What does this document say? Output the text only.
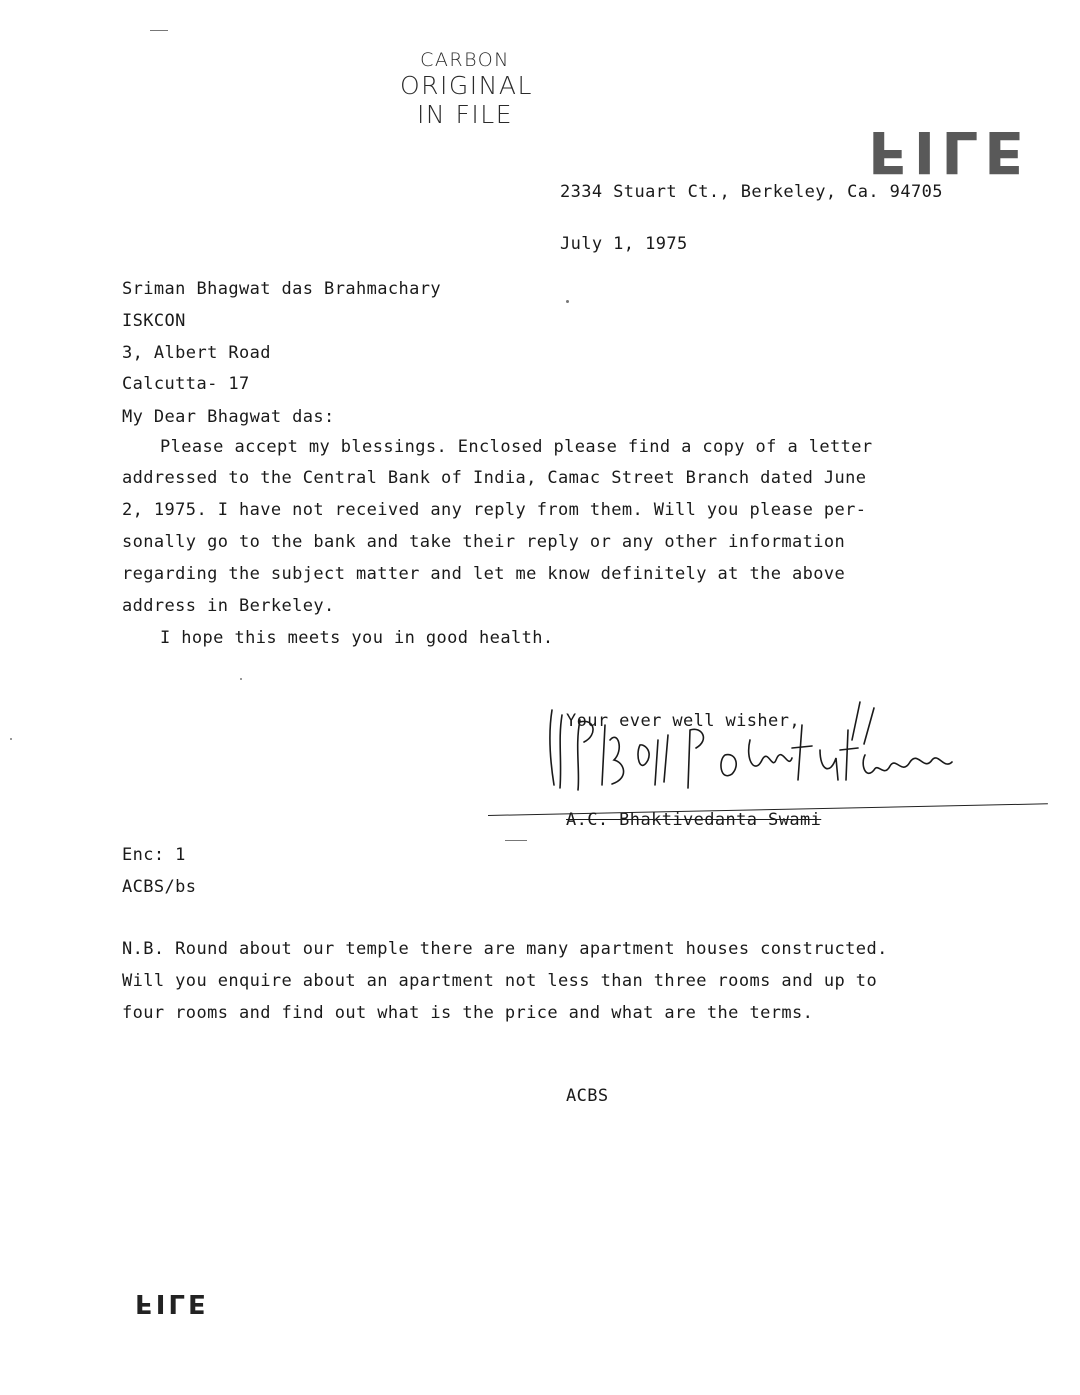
CARBON
ORIGINAL
IN FILE
FILE
2334 Stuart Ct., Berkeley, Ca. 94705
July 1, 1975
Sriman Bhagwat das Brahmachary
ISKCON
3, Albert Road
Calcutta- 17
My Dear Bhagwat das:
Please accept my blessings. Enclosed please find a copy of a letter
addressed to the Central Bank of India, Camac Street Branch dated June
2, 1975. I have not received any reply from them. Will you please per-
sonally go to the bank and take their reply or any other information
regarding the subject matter and let me know definitely at the above
address in Berkeley.
I hope this meets you in good health.
Your ever well wisher,
A.C. Bhaktivedanta Swami
Enc: 1
ACBS/bs
N.B. Round about our temple there are many apartment houses constructed.
Will you enquire about an apartment not less than three rooms and up to
four rooms and find out what is the price and what are the terms.
ACBS
FILE
